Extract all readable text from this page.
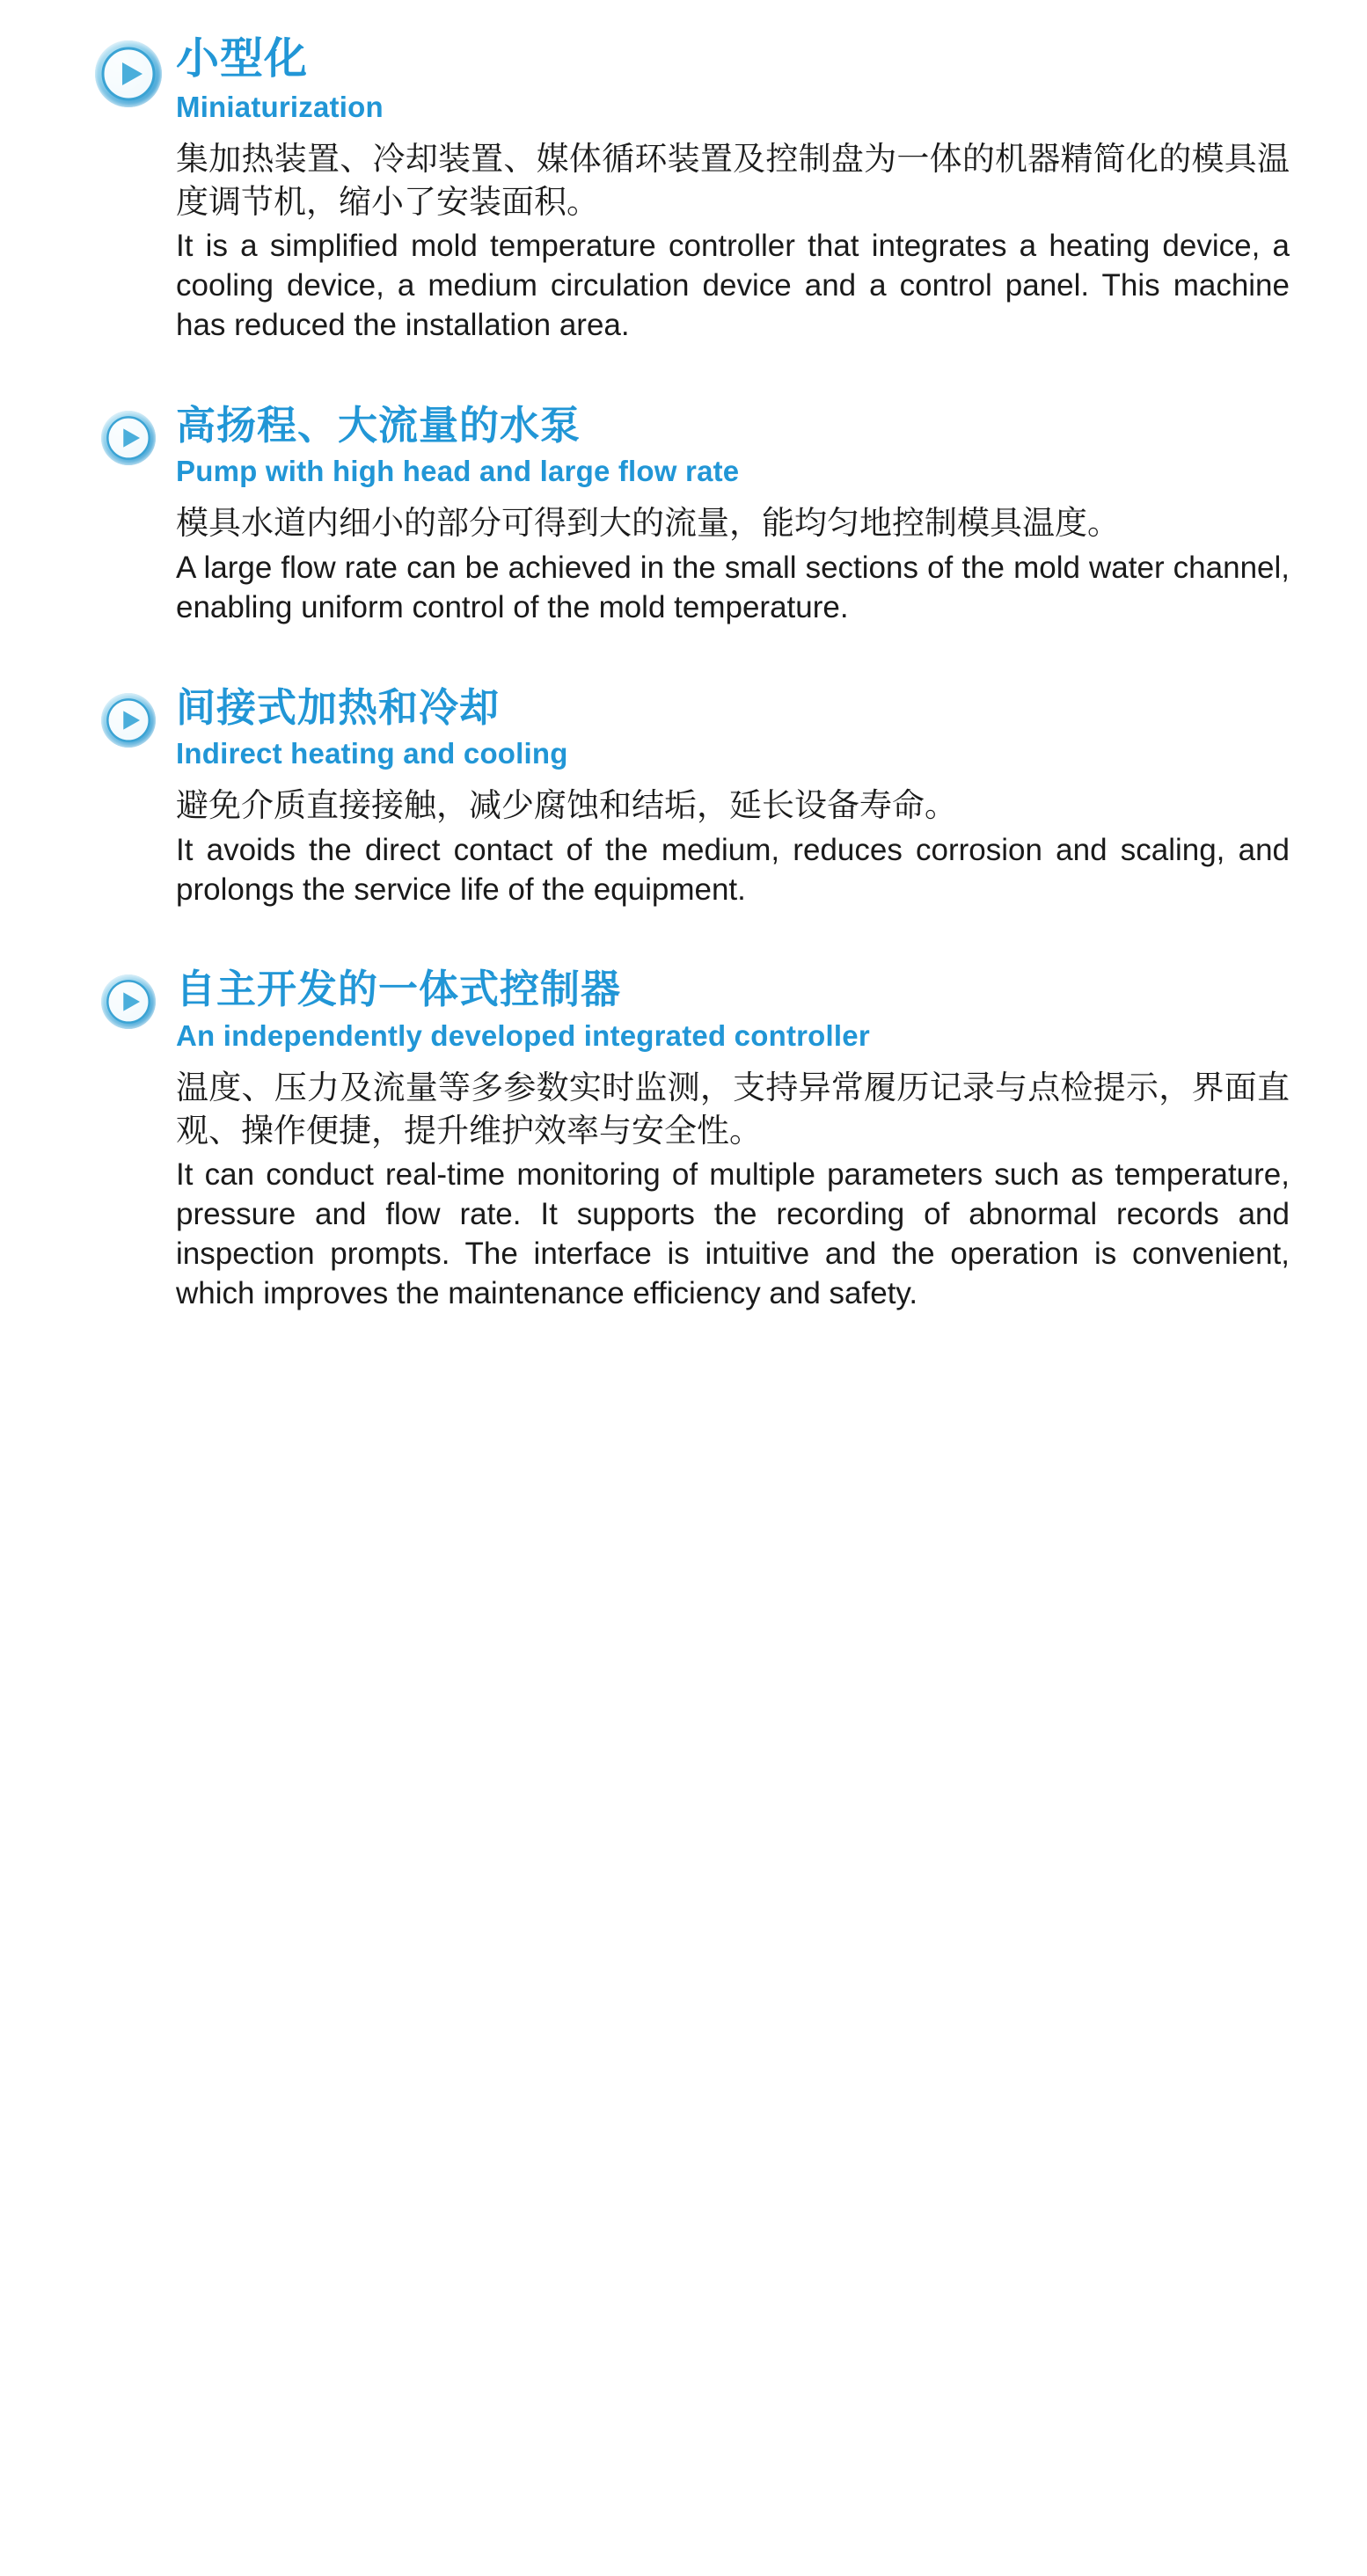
小型化
Miniaturization

集加热装置、冷却装置、媒体循环装置及控制盘为一体的机器精简化的模具温度调节机，缩小了安装面积。

It is a simplified mold temperature controller that integrates a heating device, a cooling device, a medium circulation device and a control panel. This machine has reduced the installation area.

高扬程、大流量的水泵
Pump with high head and large flow rate

模具水道内细小的部分可得到大的流量，能均匀地控制模具温度。

A large flow rate can be achieved in the small sections of the mold water channel, enabling uniform control of the mold temperature.

间接式加热和冷却
Indirect heating and cooling

避免介质直接接触，减少腐蚀和结垢，延长设备寿命。

It avoids the direct contact of the medium, reduces corrosion and scaling, and prolongs the service life of the equipment.

自主开发的一体式控制器
An independently developed integrated controller

温度、压力及流量等多参数实时监测，支持异常履历记录与点检提示，界面直观、操作便捷，提升维护效率与安全性。

It can conduct real-time monitoring of multiple parameters such as temperature, pressure and flow rate. It supports the recording of abnormal records and inspection prompts. The interface is intuitive and the operation is convenient, which improves the maintenance efficiency and safety.
